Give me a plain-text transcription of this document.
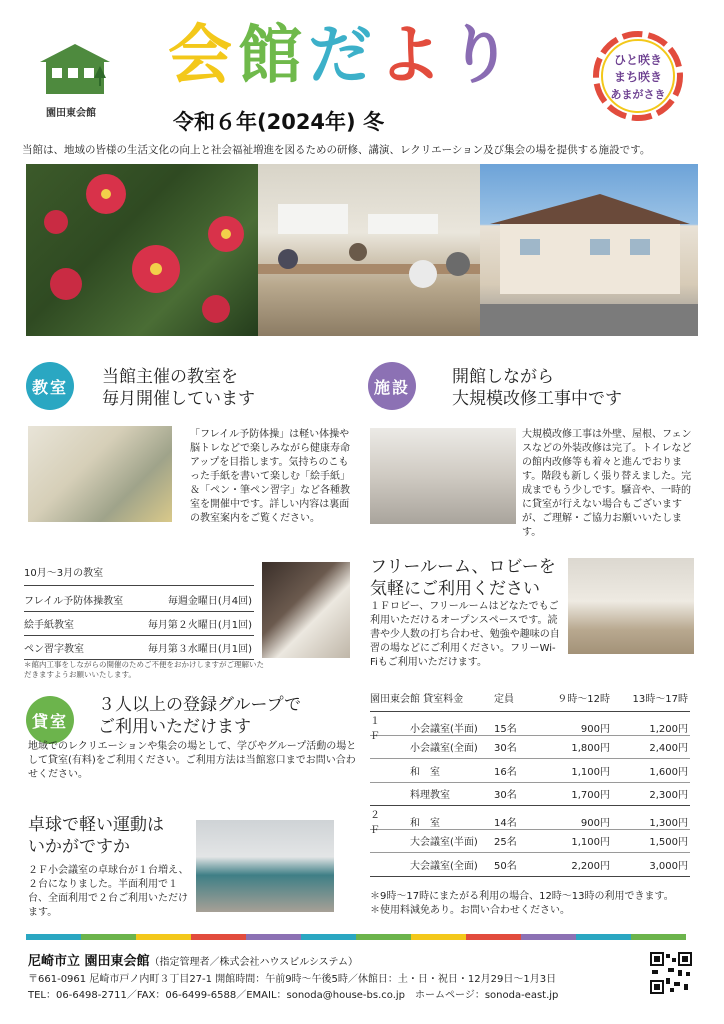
園田東会館
会館だより
令和６年(2024年) 冬
ひと咲き
まち咲き
あまがさき
当館は、地域の皆様の生活文化の向上と社会福祉増進を図るための研修、講演、レクリエーション及び集会の場を提供する施設です。
教室	当館主催の教室を
毎月開催しています
「フレイル予防体操」は軽い体操や脳トレなどで楽しみながら健康寿命アップを目指します。気持ちのこもった手紙を書いて楽しむ「絵手紙」＆「ペン・筆ペン習字」など各種教室を開催中です。詳しい内容は裏面の教室案内をご覧ください。
施設	開館しながら
大規模改修工事中です
大規模改修工事は外壁、屋根、フェンスなどの外装改修は完了。トイレなどの館内改修等も着々と進んでおります。階段も新しく張り替えました。完成までもう少しです。騒音や、一時的に貸室が行えない場合もございますが、ご理解・ご協力お願いいたします。
10月～3月の教室
フレイル予防体操教室	毎週金曜日(月4回)
絵手紙教室	毎月第２火曜日(月1回)
ペン習字教室	毎月第３水曜日(月1回)
＊館内工事をしながらの開催のためご不便をおかけしますがご理解いただきますようお願いいたします。
フリールーム、ロビーを
気軽にご利用ください
１Ｆロビー、フリールームはどなたでもご利用いただけるオープンスペースです。読書や少人数の打ち合わせ、勉強や趣味の自習の場などにご利用ください。フリーWi-Fiもご利用いただけます。
貸室
３人以上の登録グループで
ご利用いただけます
地域でのレクリエーションや集会の場として、学びやグループ活動の場として貸室(有料)をご利用ください。ご利用方法は当館窓口までお問い合わせください。
卓球で軽い運動は
いかがですか
２Ｆ小会議室の卓球台が１台増え、２台になりました。半面利用で１台、全面利用で２台ご利用いただけます。
園田東会館 貸室料金	定員	９時～12時	13時～17時
１Ｆ
小会議室(半面)	15名	900円	1,200円
小会議室(全面)	30名	1,800円	2,400円
和　室	16名	1,100円	1,600円
料理教室	30名	1,700円	2,300円
２Ｆ
和　室	14名	900円	1,300円
大会議室(半面)	25名	1,100円	1,500円
大会議室(全面)	50名	2,200円	3,000円
＊9時～17時にまたがる利用の場合、12時～13時の利用できます。
＊使用料減免あり。お問い合わせください。
尼崎市立 園田東会館（指定管理者／株式会社ハウスビルシステム）
〒661-0961 尼崎市戸ノ内町３丁目27-1 開館時間：午前9時～午後5時／休館日：土・日・祝日・12月29日～1月3日
TEL：06-6498-2711／FAX：06-6499-6588／EMAIL：sonoda@house-bs.co.jp　ホームページ：sonoda-east.jp
